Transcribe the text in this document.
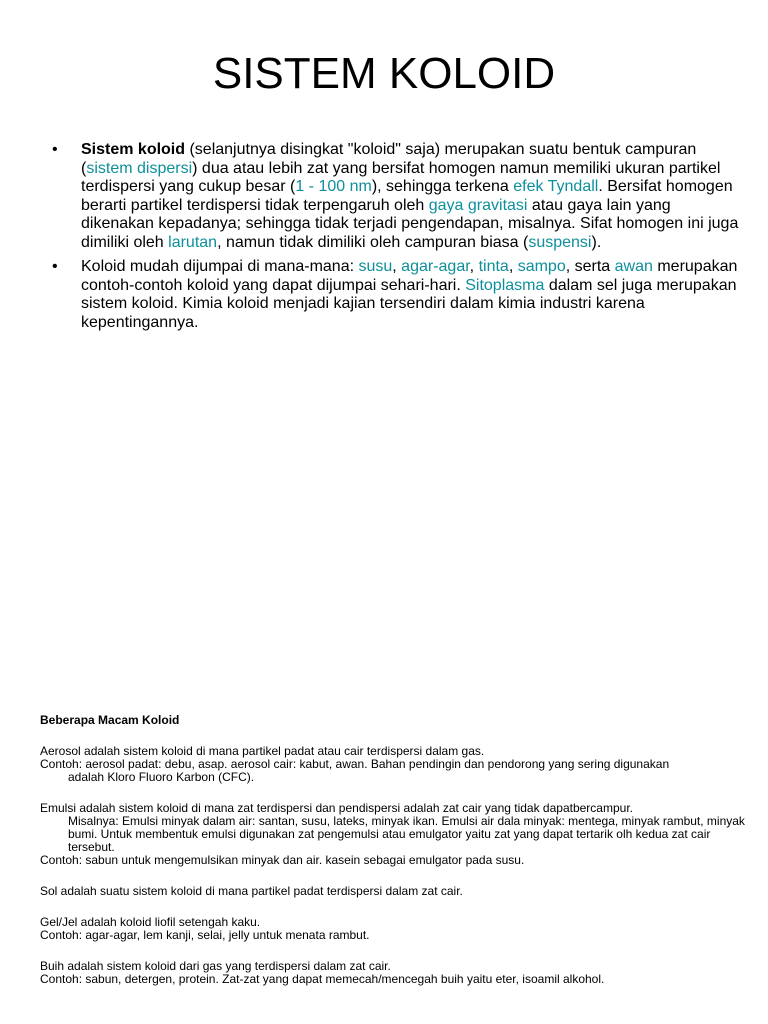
SISTEM KOLOID
•	Sistem koloid (selanjutnya disingkat "koloid" saja) merupakan suatu bentuk campuran (sistem dispersi) dua atau lebih zat yang bersifat homogen namun memiliki ukuran partikel terdispersi yang cukup besar (1 - 100 nm), sehingga terkena efek Tyndall. Bersifat homogen berarti partikel terdispersi tidak terpengaruh oleh gaya gravitasi atau gaya lain yang dikenakan kepadanya; sehingga tidak terjadi pengendapan, misalnya. Sifat homogen ini juga dimiliki oleh larutan, namun tidak dimiliki oleh campuran biasa (suspensi).
•	Koloid mudah dijumpai di mana-mana: susu, agar-agar, tinta, sampo, serta awan merupakan contoh-contoh koloid yang dapat dijumpai sehari-hari. Sitoplasma dalam sel juga merupakan sistem koloid. Kimia koloid menjadi kajian tersendiri dalam kimia industri karena kepentingannya.

Beberapa Macam Koloid

Aerosol adalah sistem koloid di mana partikel padat atau cair terdispersi dalam gas.
Contoh: aerosol padat: debu, asap. aerosol cair: kabut, awan. Bahan pendingin dan pendorong yang sering digunakan
adalah Kloro Fluoro Karbon (CFC).
Emulsi adalah sistem koloid di mana zat terdispersi dan pendispersi adalah zat cair yang tidak dapatbercampur.
Misalnya: Emulsi minyak dalam air: santan, susu, lateks, minyak ikan. Emulsi air dala minyak: mentega, minyak rambut, minyak bumi. Untuk membentuk emulsi digunakan zat pengemulsi atau emulgator yaitu zat yang dapat tertarik olh kedua zat cair tersebut.
Contoh: sabun untuk mengemulsikan minyak dan air. kasein sebagai emulgator pada susu.
Sol adalah suatu sistem koloid di mana partikel padat terdispersi dalam zat cair.
Gel/Jel adalah koloid liofil setengah kaku.
Contoh: agar-agar, lem kanji, selai, jelly untuk menata rambut.
Buih adalah sistem koloid dari gas yang terdispersi dalam zat cair.
Contoh: sabun, detergen, protein. Zat-zat yang dapat memecah/mencegah buih yaitu eter, isoamil alkohol.
